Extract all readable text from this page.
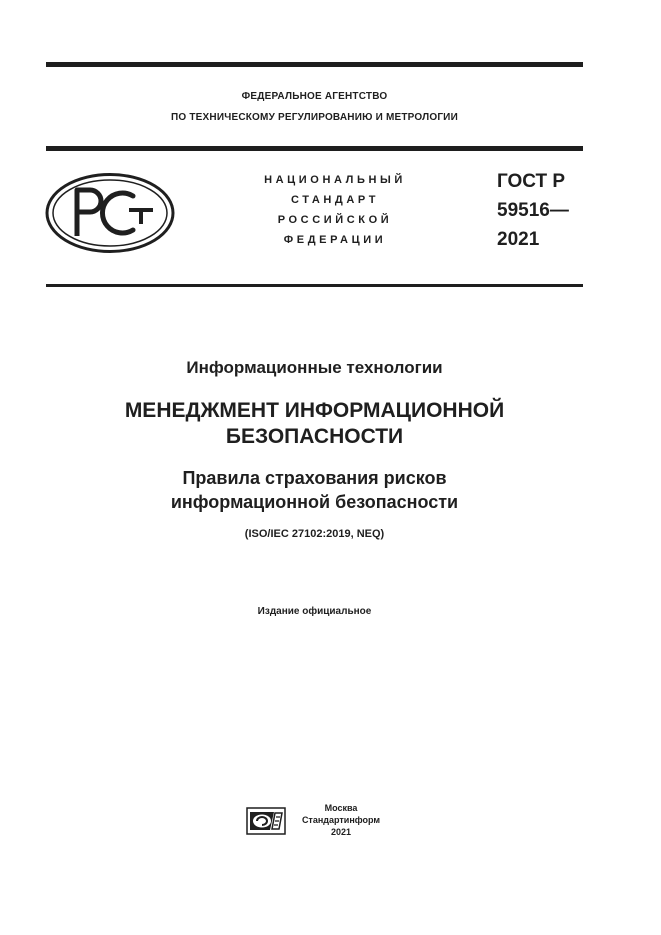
ФЕДЕРАЛЬНОЕ АГЕНТСТВО
ПО ТЕХНИЧЕСКОМУ РЕГУЛИРОВАНИЮ И МЕТРОЛОГИИ
НАЦИОНАЛЬНЫЙ
СТАНДАРТ
РОССИЙСКОЙ
ФЕДЕРАЦИИ
ГОСТ Р
59516—
2021
Информационные технологии
МЕНЕДЖМЕНТ ИНФОРМАЦИОННОЙ
БЕЗОПАСНОСТИ
Правила страхования рисков
информационной безопасности
(ISO/IEC 27102:2019, NEQ)
Издание официальное
Москва
Стандартинформ
2021
